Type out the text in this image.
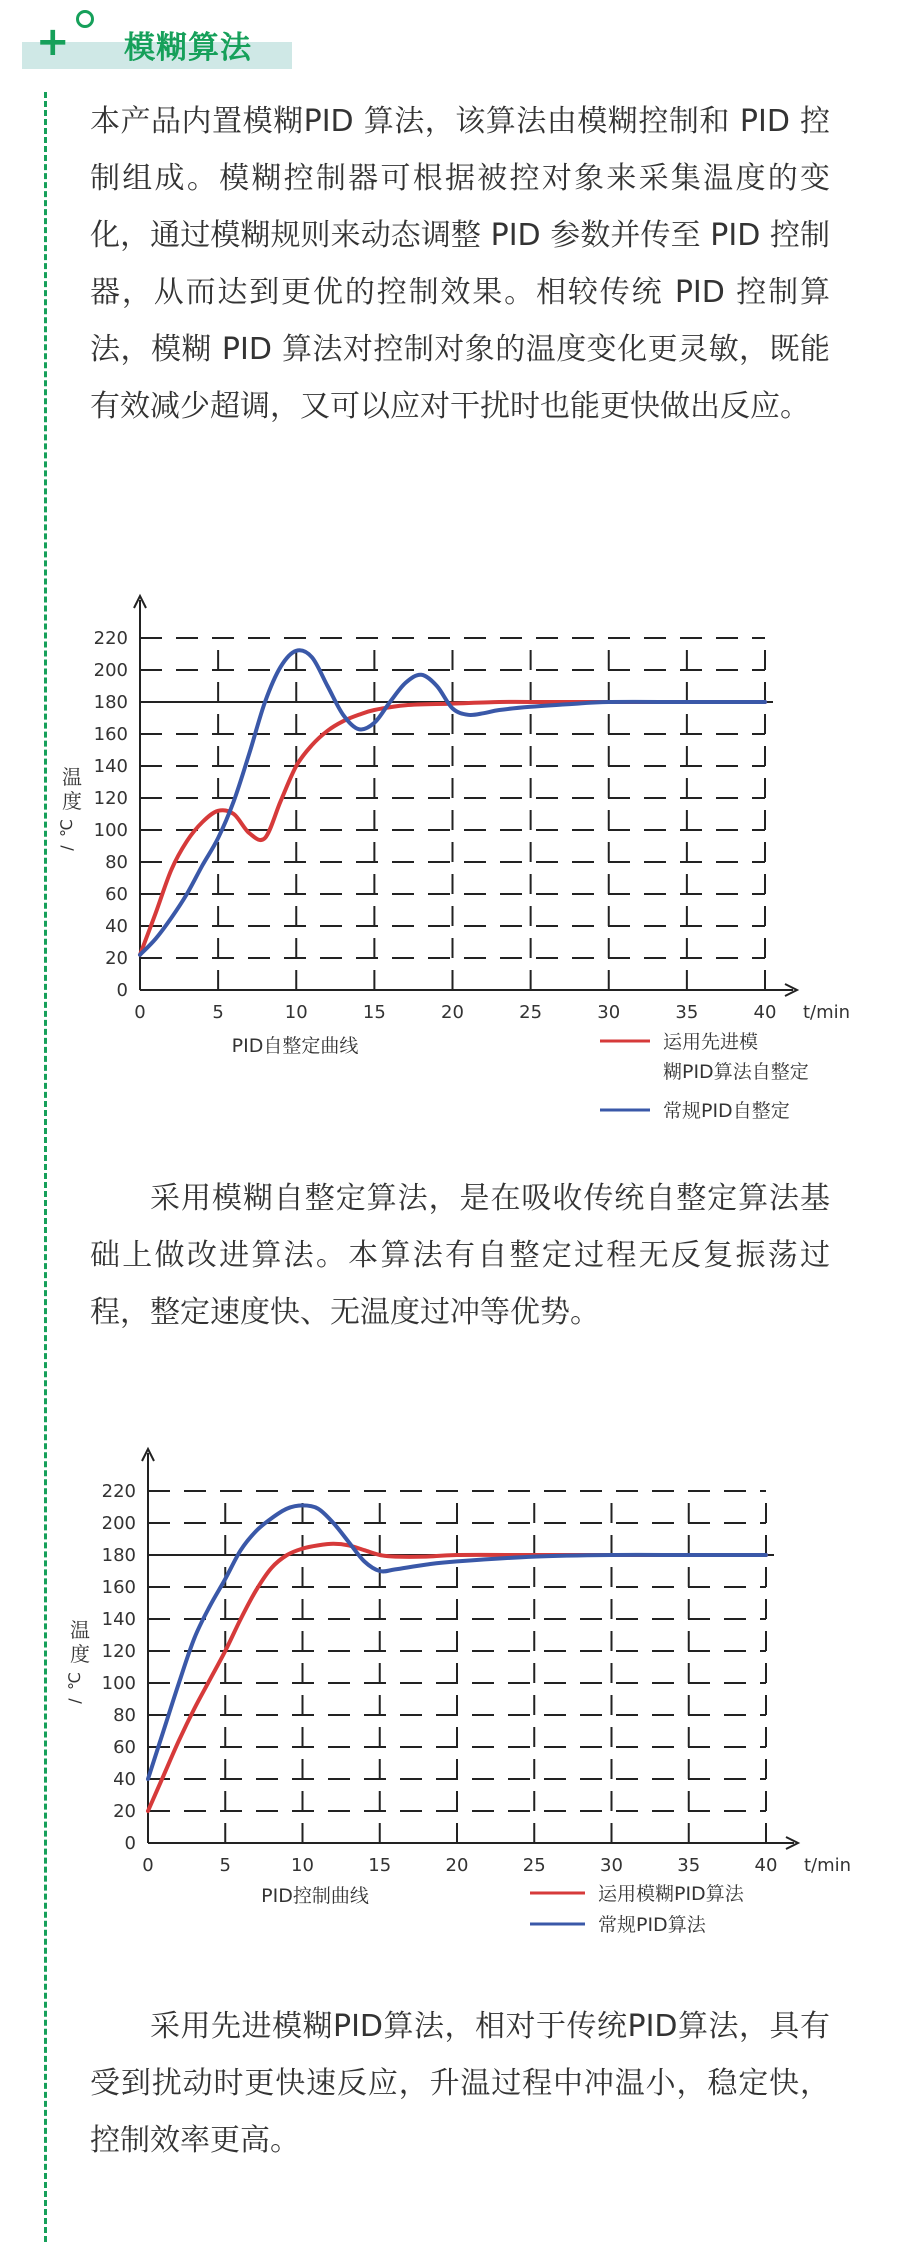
+ 模糊算法

本产品内置模糊PID 算法，该算法由模糊控制和 PID 控制组成。模糊控制器可根据被控对象来采集温度的变化，通过模糊规则来动态调整 PID 参数并传至 PID 控制器，从而达到更优的控制效果。相较传统 PID 控制算法，模糊 PID 算法对控制对象的温度变化更灵敏，既能有效减少超调，又可以应对干扰时也能更快做出反应。

0
20
40
60
80
100
120
140
160
180
200
220
0	5	10	15	20	25	30	35	40 t/min
温
度
℃
/
PID自整定曲线	运用先进模
糊PID算法自整定
常规PID自整定

采用模糊自整定算法，是在吸收传统自整定算法基础上做改进算法。本算法有自整定过程无反复振荡过程，整定速度快、无温度过冲等优势。

0
20
40
60
80
100
120
140
160
180
200
220
0	5	10	15	20	25	30	35	40 t/min
温
度
℃
/
PID控制曲线	运用模糊PID算法
常规PID算法

采用先进模糊PID算法，相对于传统PID算法，具有受到扰动时更快速反应，升温过程中冲温小，稳定快，控制效率更高。
